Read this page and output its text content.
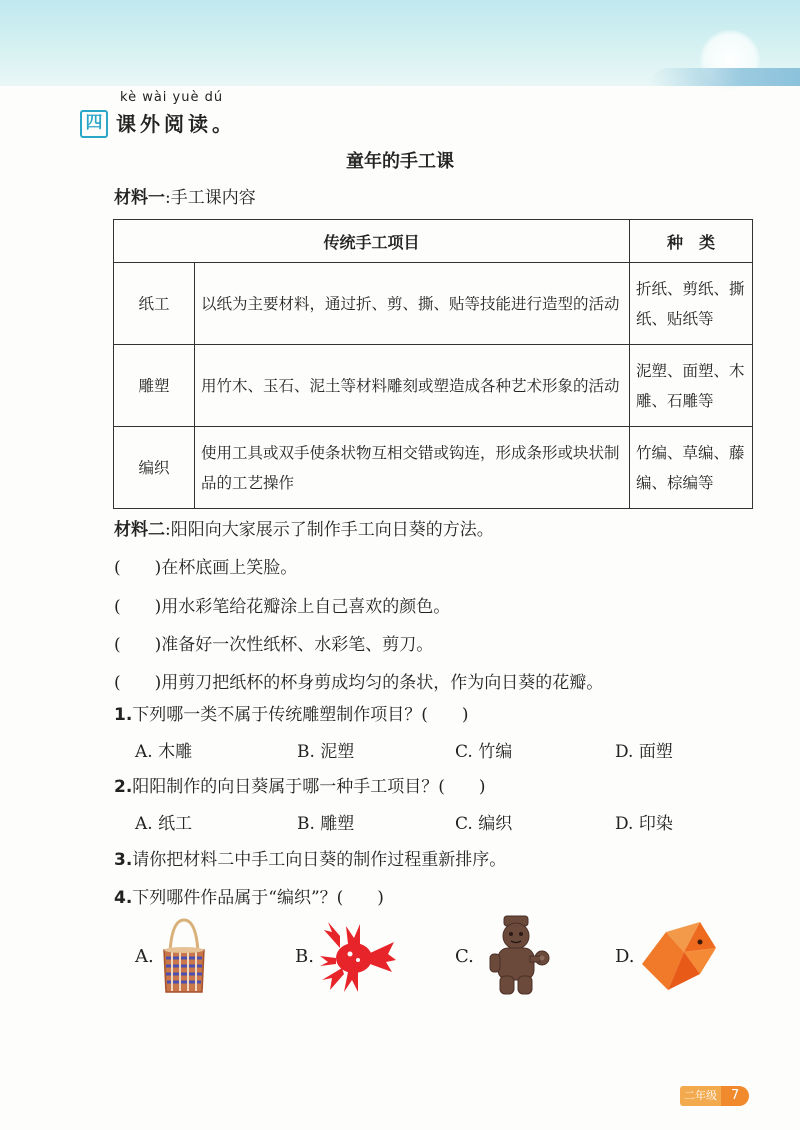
kè wài yuè dú
四 课外阅读。
童年的手工课
材料一:手工课内容
传统手工项目		种　类
纸工	以纸为主要材料，通过折、剪、撕、贴等技能进行造型的活动	折纸、剪纸、撕纸、贴纸等
雕塑	用竹木、玉石、泥土等材料雕刻或塑造成各种艺术形象的活动	泥塑、面塑、木雕、石雕等
编织	使用工具或双手使条状物互相交错或钩连，形成条形或块状制品的工艺操作	竹编、草编、藤编、棕编等
材料二:阳阳向大家展示了制作手工向日葵的方法。
(　　)在杯底画上笑脸。
(　　)用水彩笔给花瓣涂上自己喜欢的颜色。
(　　)准备好一次性纸杯、水彩笔、剪刀。
(　　)用剪刀把纸杯的杯身剪成均匀的条状，作为向日葵的花瓣。
1.下列哪一类不属于传统雕塑制作项目？(　　)
A. 木雕	B. 泥塑	C. 竹编	D. 面塑
2.阳阳制作的向日葵属于哪一种手工项目？(　　)
A. 纸工	B. 雕塑	C. 编织	D. 印染
3.请你把材料二中手工向日葵的制作过程重新排序。
4.下列哪件作品属于“编织”？(　　)
A.	B.	C.	D.
二年级	7
